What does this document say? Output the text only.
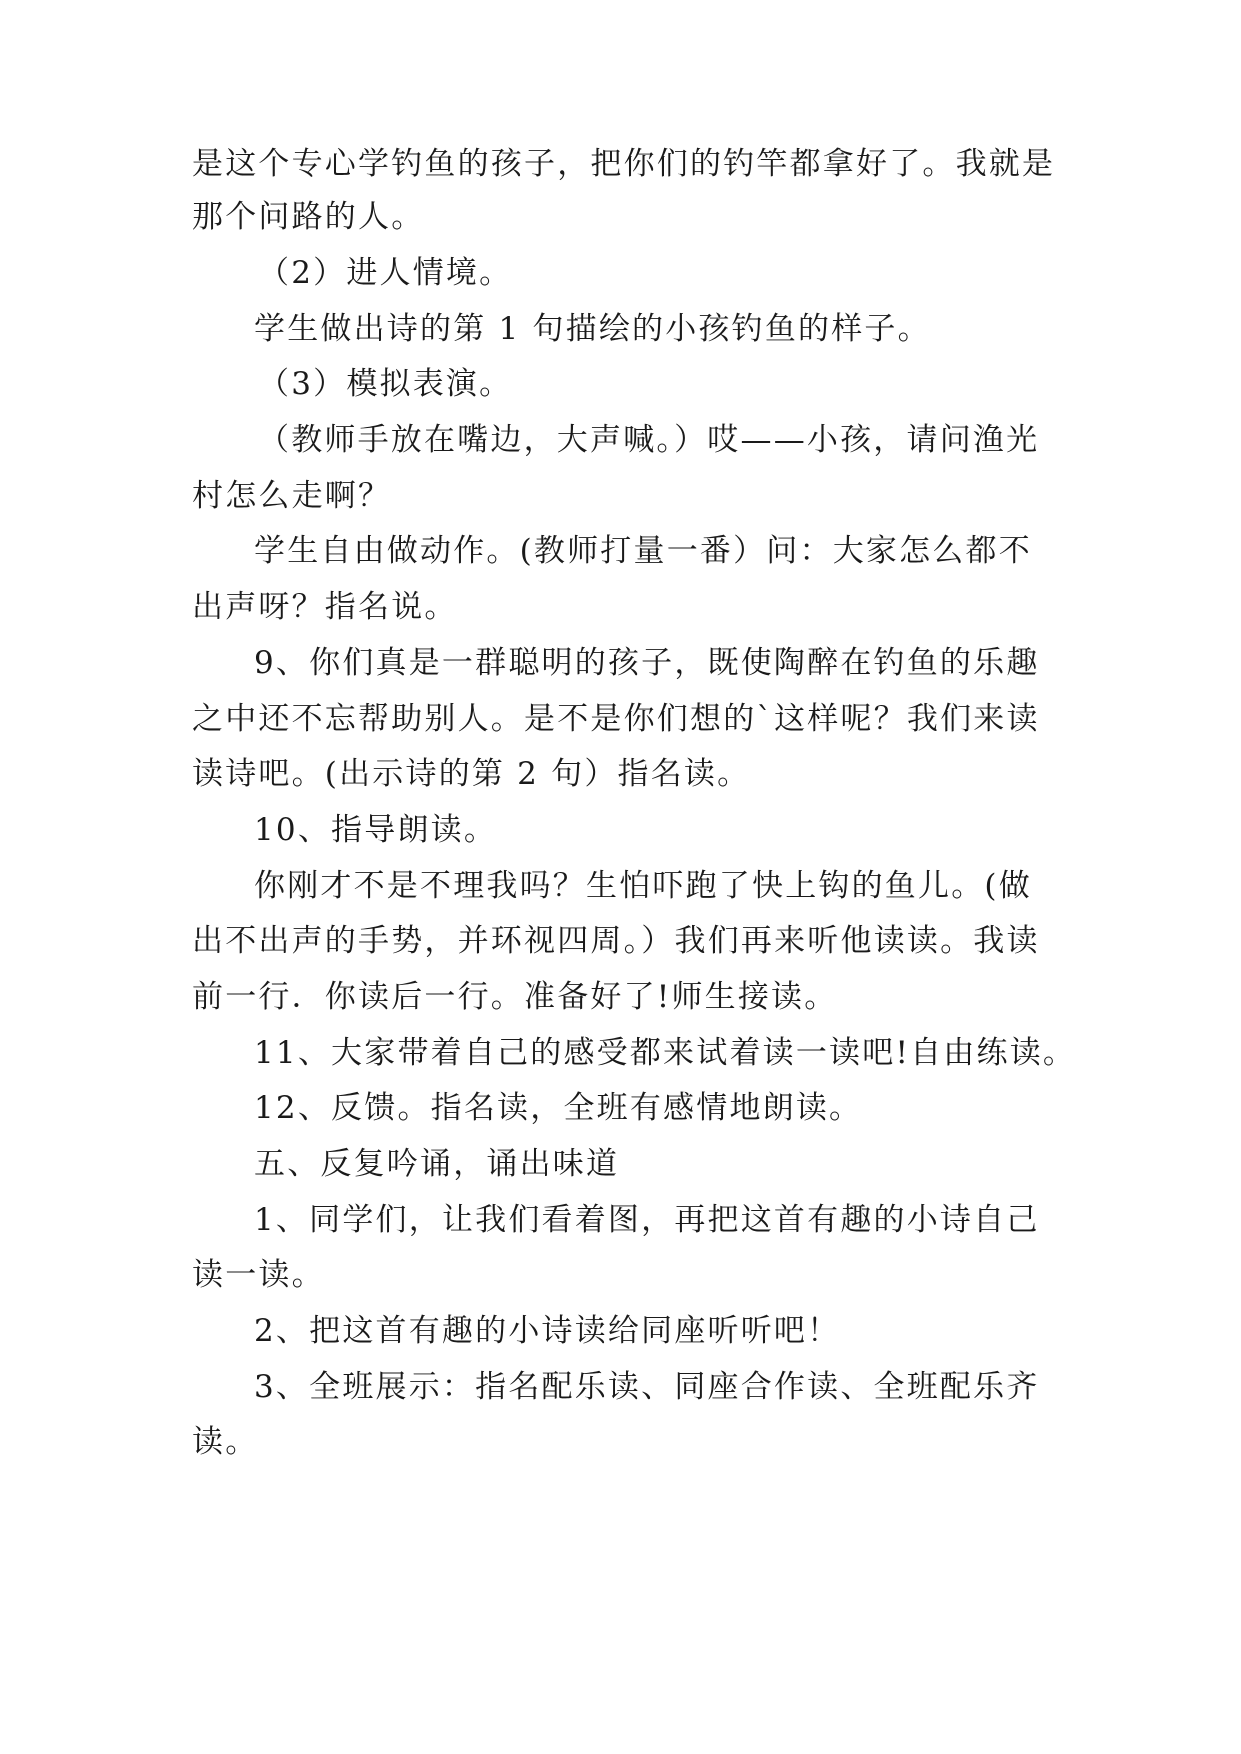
是这个专心学钓鱼的孩子，把你们的钓竿都拿好了。我就是
那个问路的人。
（2）进人情境。
学生做出诗的第 1 句描绘的小孩钓鱼的样子。
（3）模拟表演。
（教师手放在嘴边，大声喊。）哎——小孩，请问渔光
村怎么走啊？
学生自由做动作。(教师打量一番）问：大家怎么都不
出声呀？指名说。
9、你们真是一群聪明的孩子，既使陶醉在钓鱼的乐趣
之中还不忘帮助别人。是不是你们想的`这样呢？我们来读
读诗吧。(出示诗的第 2 句）指名读。
10、指导朗读。
你刚才不是不理我吗？生怕吓跑了快上钩的鱼儿。(做
出不出声的手势，并环视四周。）我们再来听他读读。我读
前一行．你读后一行。准备好了!师生接读。
11、大家带着自己的感受都来试着读一读吧!自由练读。
12、反馈。指名读，全班有感情地朗读。
五、反复吟诵，诵出味道
1、同学们，让我们看着图，再把这首有趣的小诗自己
读一读。
2、把这首有趣的小诗读给同座听听吧！
3、全班展示：指名配乐读、同座合作读、全班配乐齐
读。
